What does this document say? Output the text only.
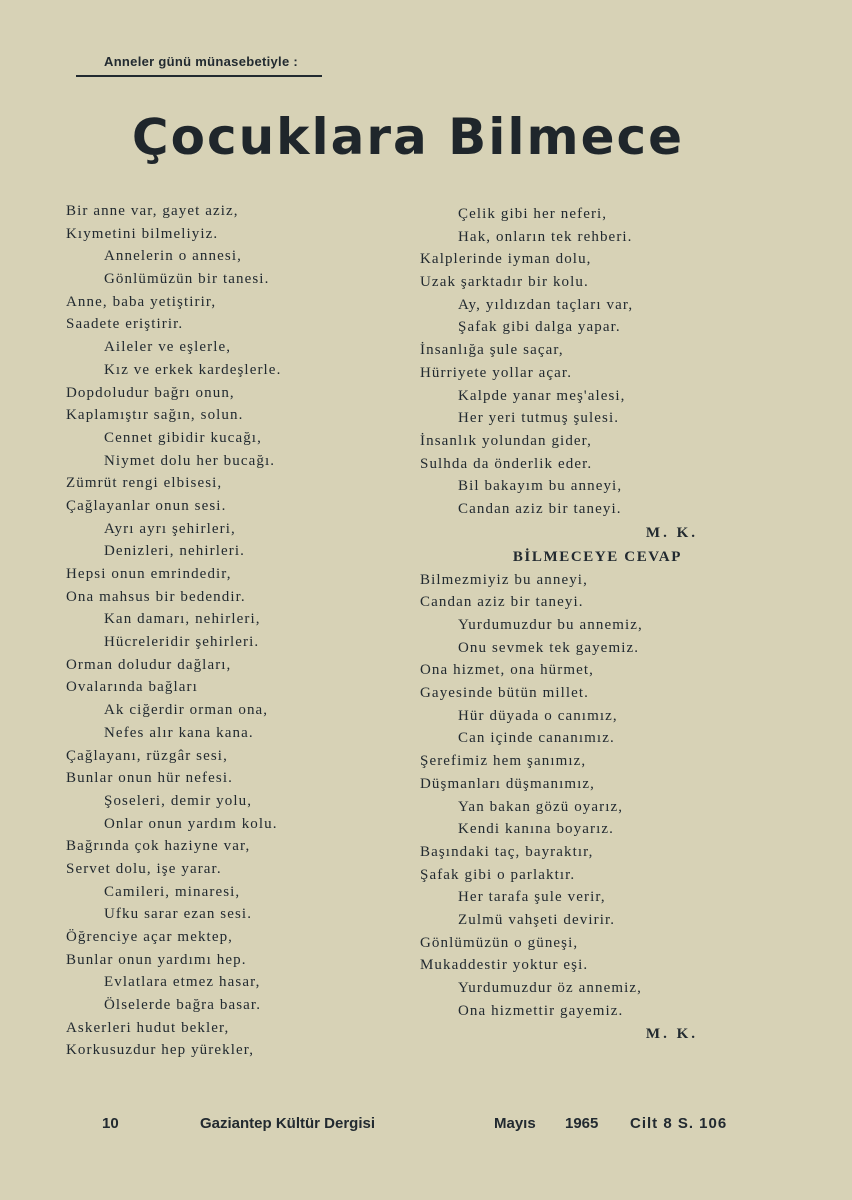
Anneler günü münasebetiyle :
Çocuklara Bilmece
Bir anne var, gayet aziz,
Kıymetini bilmeliyiz.
Annelerin o annesi,
Gönlümüzün bir tanesi.
Anne, baba yetiştirir,
Saadete eriştirir.
Aileler ve eşlerle,
Kız ve erkek kardeşlerle.
Dopdoludur bağrı onun,
Kaplamıştır sağın, solun.
Cennet gibidir kucağı,
Niymet dolu her bucağı.
Zümrüt rengi elbisesi,
Çağlayanlar onun sesi.
Ayrı ayrı şehirleri,
Denizleri, nehirleri.
Hepsi onun emrindedir,
Ona mahsus bir bedendir.
Kan damarı, nehirleri,
Hücreleridir şehirleri.
Orman doludur dağları,
Ovalarında bağları
Ak ciğerdir orman ona,
Nefes alır kana kana.
Çağlayanı, rüzgâr sesi,
Bunlar onun hür nefesi.
Şoseleri, demir yolu,
Onlar onun yardım kolu.
Bağrında çok haziyne var,
Servet dolu, işe yarar.
Camileri, minaresi,
Ufku sarar ezan sesi.
Öğrenciye açar mektep,
Bunlar onun yardımı hep.
Evlatlara etmez hasar,
Ölselerde bağra basar.
Askerleri hudut bekler,
Korkusuzdur hep yürekler,
Çelik gibi her neferi,
Hak, onların tek rehberi.
Kalplerinde iyman dolu,
Uzak şarktadır bir kolu.
Ay, yıldızdan taçları var,
Şafak gibi dalga yapar.
İnsanlığa şule saçar,
Hürriyete yollar açar.
Kalpde yanar meş'alesi,
Her yeri tutmuş şulesi.
İnsanlık yolundan gider,
Sulhda da önderlik eder.
Bil bakayım bu anneyi,
Candan aziz bir taneyi.
M. K.
BİLMECEYE CEVAP
Bilmezmiyiz bu anneyi,
Candan aziz bir taneyi.
Yurdumuzdur bu annemiz,
Onu sevmek tek gayemiz.
Ona hizmet, ona hürmet,
Gayesinde bütün millet.
Hür düyada o canımız,
Can içinde cananımız.
Şerefimiz hem şanımız,
Düşmanları düşmanımız,
Yan bakan gözü oyarız,
Kendi kanına boyarız.
Başındaki taç, bayraktır,
Şafak gibi o parlaktır.
Her tarafa şule verir,
Zulmü vahşeti devirir.
Gönlümüzün o güneşi,
Mukaddestir yoktur eşi.
Yurdumuzdur öz annemiz,
Ona hizmettir gayemiz.
M. K.
10	Gaziantep Kültür Dergisi	Mayıs 1965 Cilt 8 S. 106
